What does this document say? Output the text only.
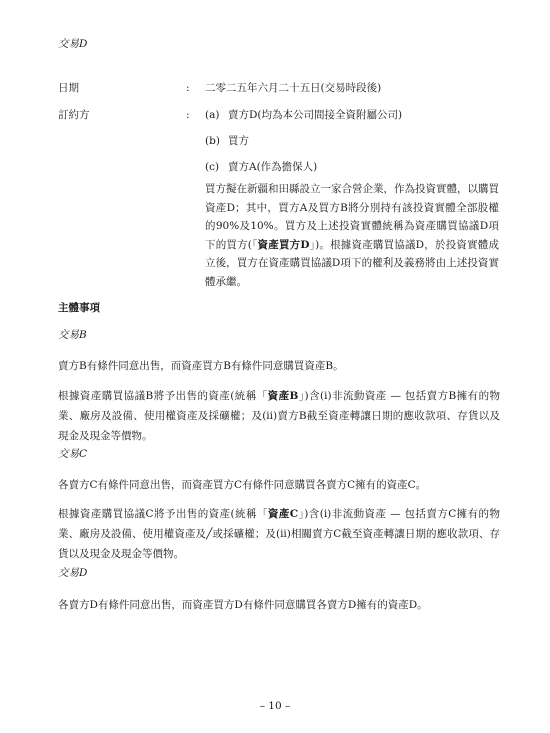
交易D
日期	: 二零二五年六月二十五日(交易時段後)
訂約方	: (a) 賣方D(均為本公司間接全資附屬公司)
(b) 買方
(c) 賣方A(作為擔保人)
買方擬在新疆和田縣設立一家合營企業，作為投資實體，以購買資產D；其中，買方A及買方B將分別持有該投資實體全部股權的90%及10%。買方及上述投資實體統稱為資產購買協議D項下的買方(「資產買方D」)。根據資產購買協議D，於投資實體成立後，買方在資產購買協議D項下的權利及義務將由上述投資實體承繼。
主體事項
交易B
賣方B有條件同意出售，而資產買方B有條件同意購買資產B。
根據資產購買協議B將予出售的資產(統稱「資產B」)含(i)非流動資產 — 包括賣方B擁有的物業、廠房及設備、使用權資產及採礦權；及(ii)賣方B截至資產轉讓日期的應收款項、存貨以及現金及現金等價物。
交易C
各賣方C有條件同意出售，而資產買方C有條件同意購買各賣方C擁有的資產C。
根據資產購買協議C將予出售的資產(統稱「資產C」)含(i)非流動資產 — 包括賣方C擁有的物業、廠房及設備、使用權資產及╱或採礦權；及(ii)相關賣方C截至資產轉讓日期的應收款項、存貨以及現金及現金等價物。
交易D
各賣方D有條件同意出售，而資產買方D有條件同意購買各賣方D擁有的資產D。
– 10 –
